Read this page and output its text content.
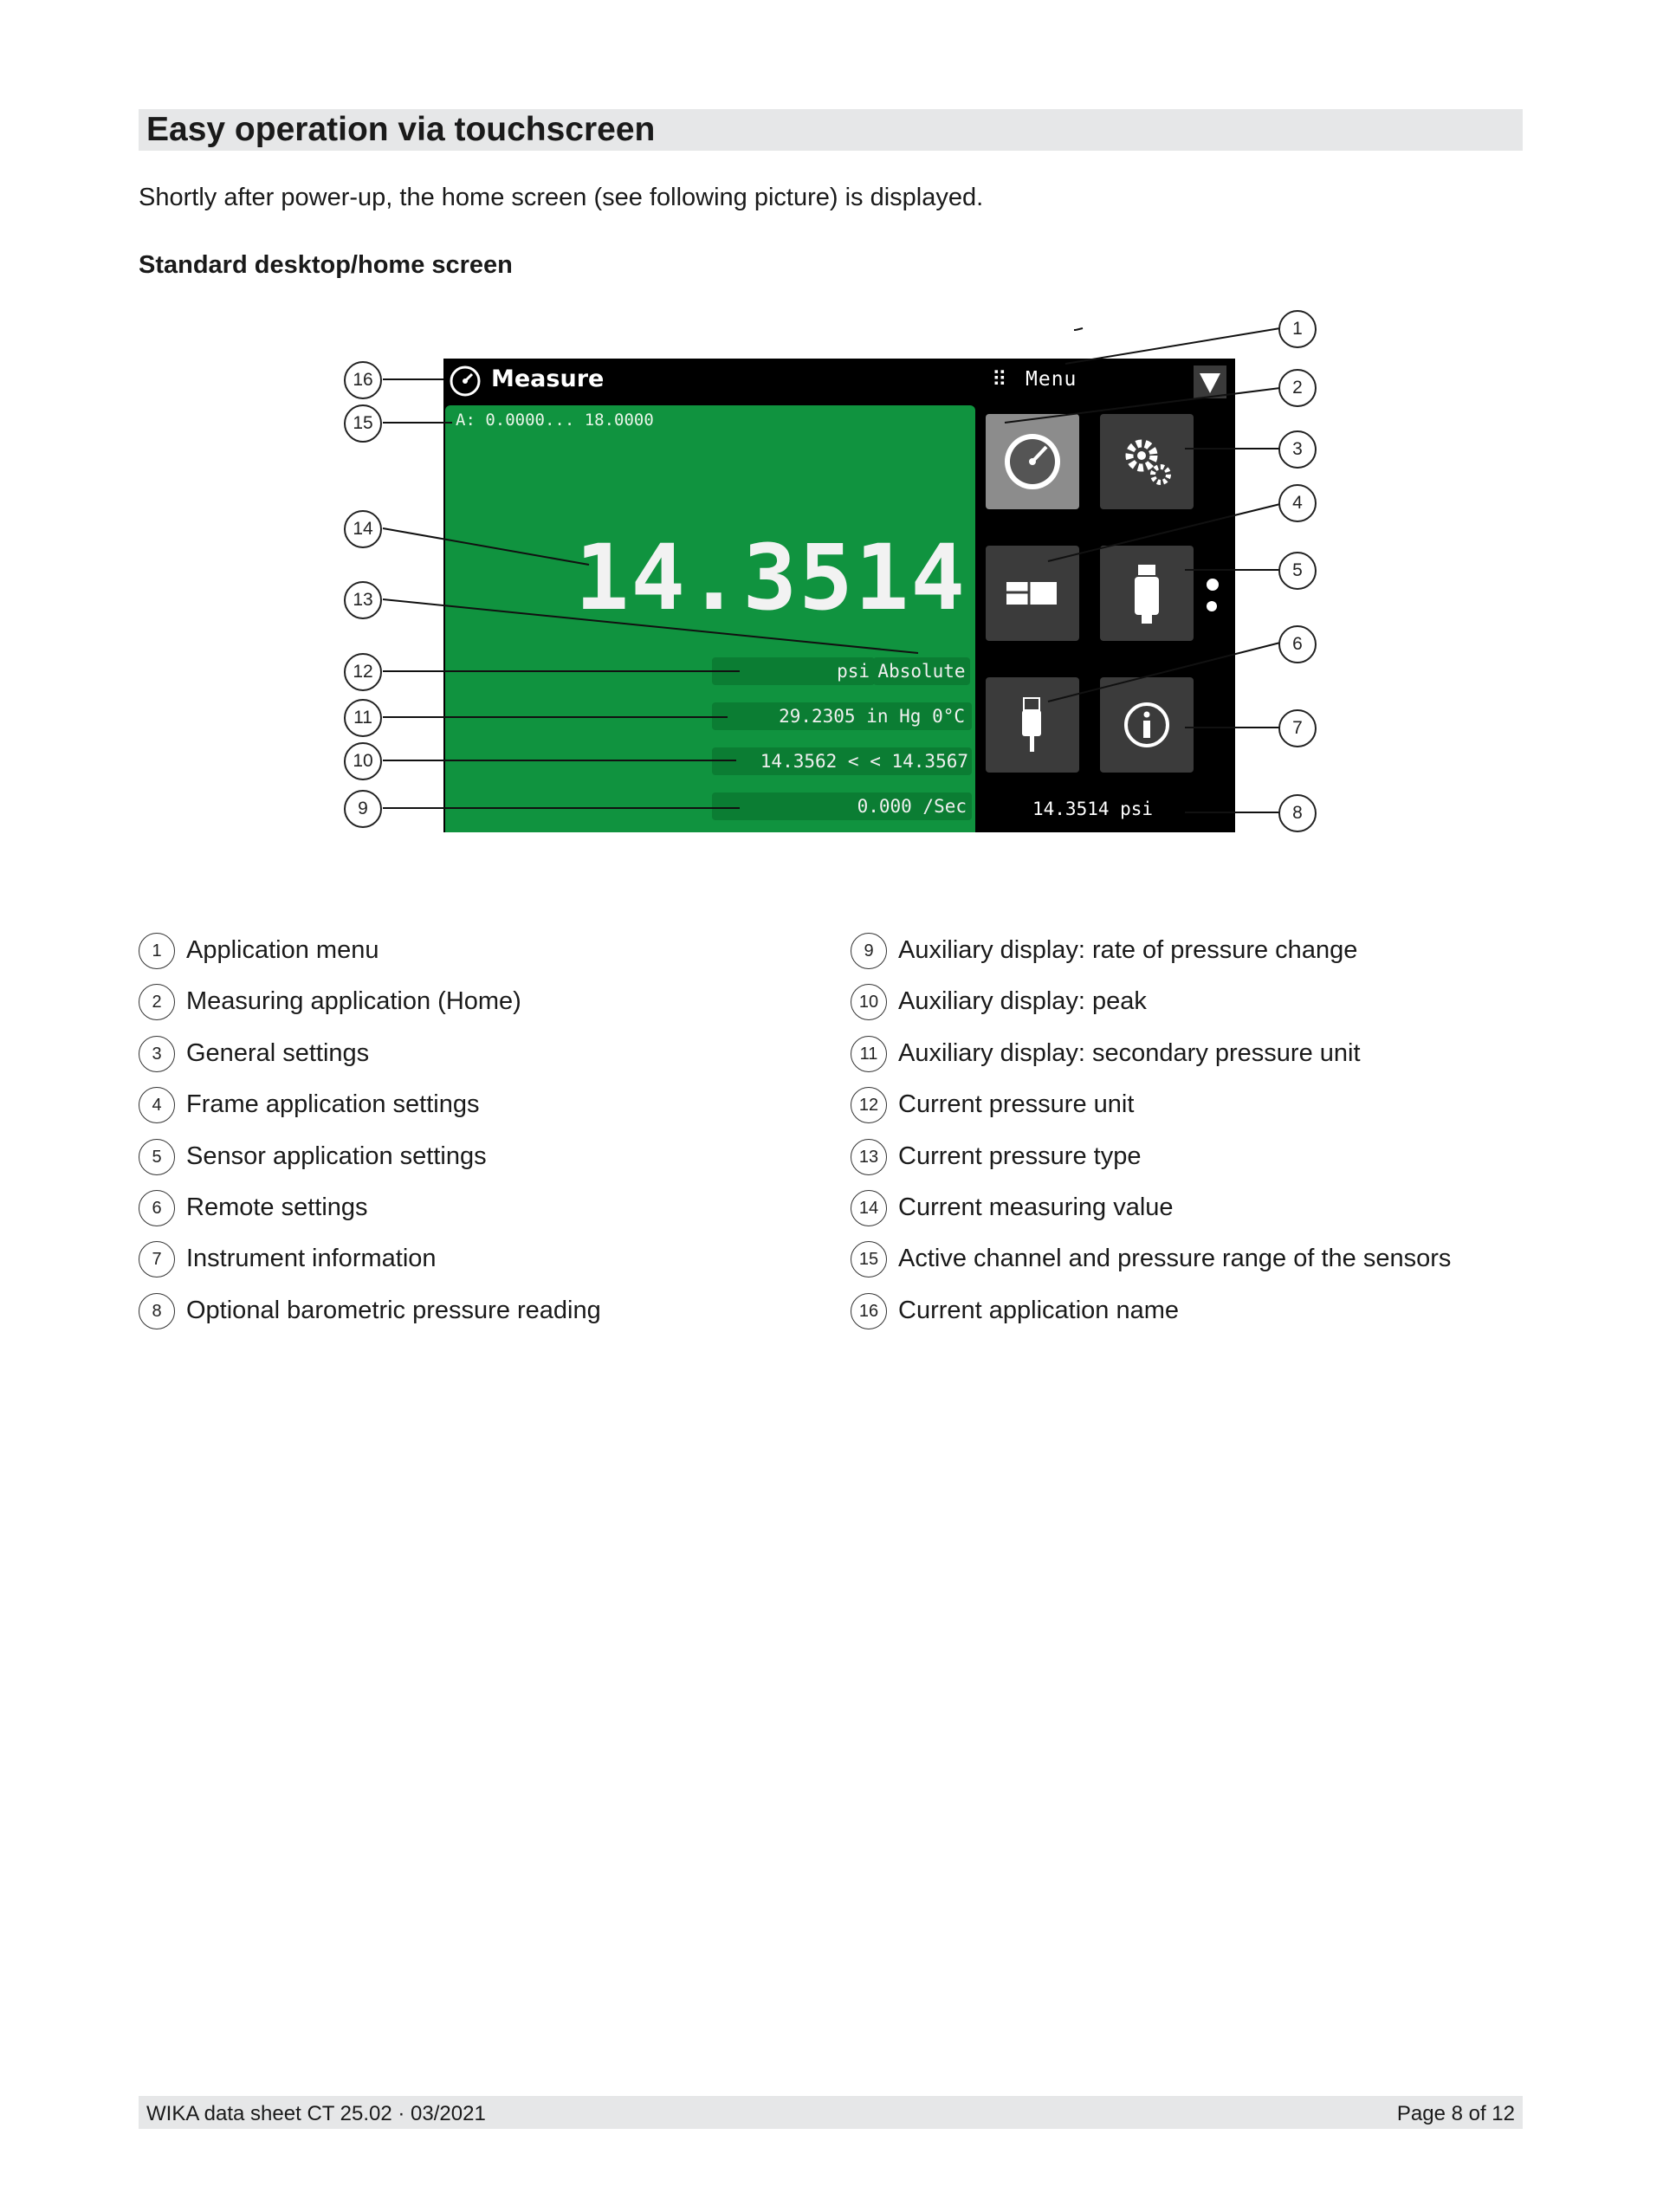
Easy operation via touchscreen
Shortly after power-up, the home screen (see following picture) is displayed.
Standard desktop/home screen
Measure	⠿ Menu
A: 0.0000... 18.0000
14.3514
psi Absolute
29.2305 in Hg 0°C
14.3562 < < 14.3567
0.000 /Sec	14.3514 psi
1
2
3
4
5
6
7
8
9
10
11
12
13
14
15
16
1 Application menu
2 Measuring application (Home)
3 General settings
4 Frame application settings
5 Sensor application settings
6 Remote settings
7 Instrument information
8 Optional barometric pressure reading
9 Auxiliary display: rate of pressure change
10 Auxiliary display: peak
11 Auxiliary display: secondary pressure unit
12 Current pressure unit
13 Current pressure type
14 Current measuring value
15 Active channel and pressure range of the sensors
16 Current application name
WIKA data sheet CT 25.02 · 03/2021	Page 8 of 12
